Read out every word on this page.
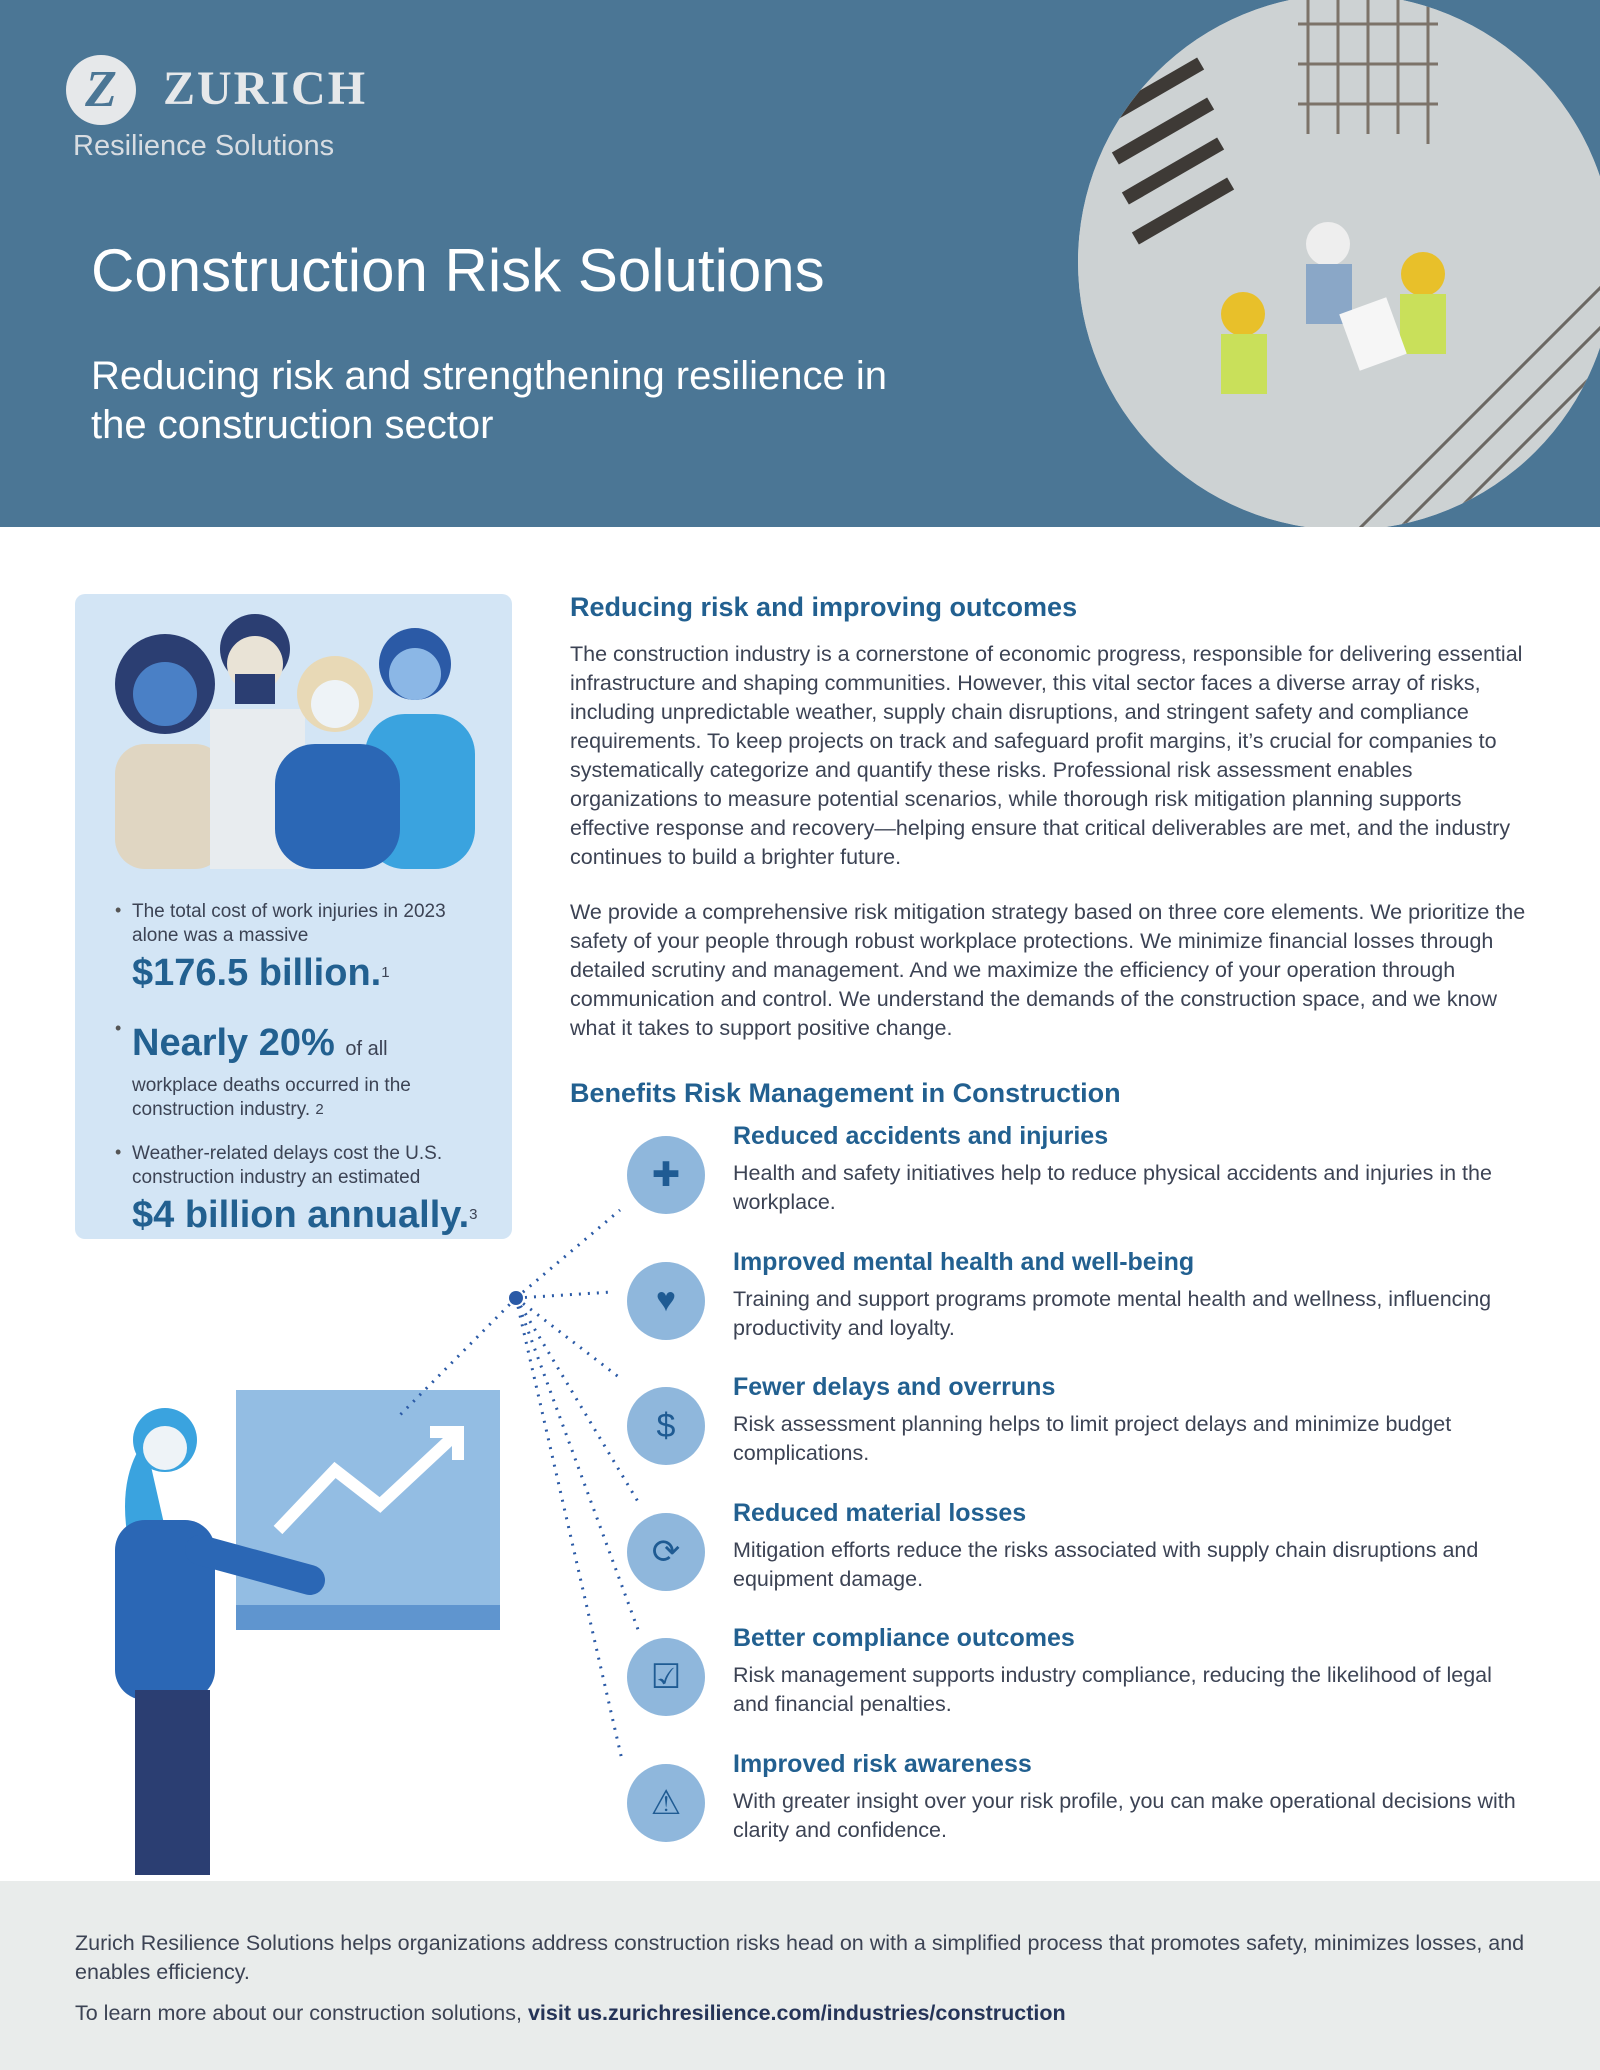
Z ZURICH
Resilience Solutions
Construction Risk Solutions
Reducing risk and strengthening resilience in the construction sector
• The total cost of work injuries in 2023 alone was a massive
$176.5 billion.$^1$
• Nearly 20% of all
workplace deaths occurred in the construction industry. $^2$
• Weather-related delays cost the U.S. construction industry an estimated
$4 billion annually.$^3$
Reducing risk and improving outcomes
The construction industry is a cornerstone of economic progress, responsible for delivering essential infrastructure and shaping communities. However, this vital sector faces a diverse array of risks, including unpredictable weather, supply chain disruptions, and stringent safety and compliance requirements. To keep projects on track and safeguard profit margins, it’s crucial for companies to systematically categorize and quantify these risks. Professional risk assessment enables organizations to measure potential scenarios, while thorough risk mitigation planning supports effective response and recovery—helping ensure that critical deliverables are met, and the industry continues to build a brighter future.
We provide a comprehensive risk mitigation strategy based on three core elements. We prioritize the safety of your people through robust workplace protections. We minimize financial losses through detailed scrutiny and management. And we maximize the efficiency of your operation through communication and control. We understand the demands of the construction space, and we know what it takes to support positive change.
Benefits Risk Management in Construction
✚
Reduced accidents and injuries
Health and safety initiatives help to reduce physical accidents and injuries in the workplace.
♥
Improved mental health and well-being
Training and support programs promote mental health and wellness, influencing productivity and loyalty.
$
Fewer delays and overruns
Risk assessment planning helps to limit project delays and minimize budget complications.
⟳
Reduced material losses
Mitigation efforts reduce the risks associated with supply chain disruptions and equipment damage.
☑
Better compliance outcomes
Risk management supports industry compliance, reducing the likelihood of legal and financial penalties.
⚠
Improved risk awareness
With greater insight over your risk profile, you can make operational decisions with clarity and confidence.
Zurich Resilience Solutions helps organizations address construction risks head on with a simplified process that promotes safety, minimizes losses, and enables efficiency.
To learn more about our construction solutions, visit us.zurichresilience.com/industries/construction
